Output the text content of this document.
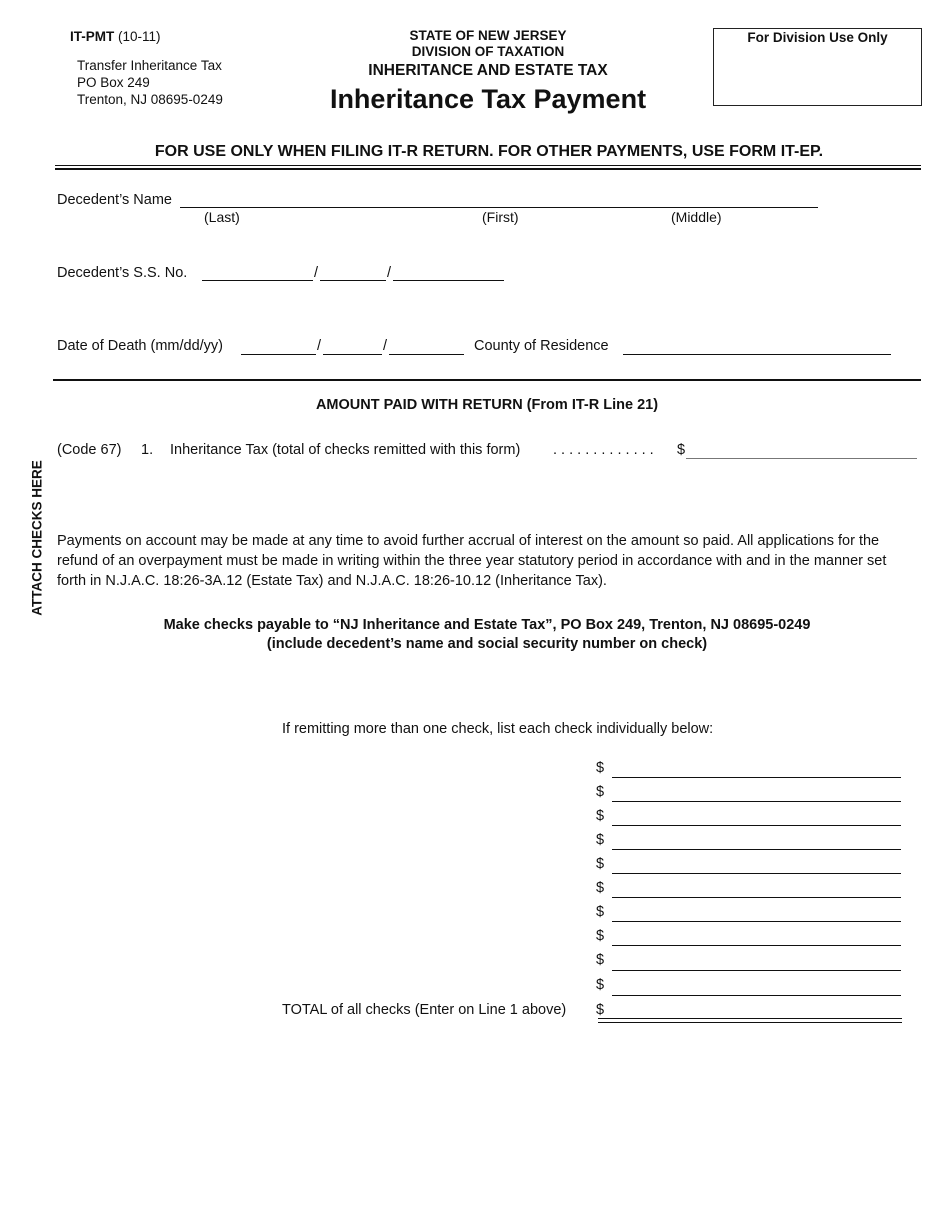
IT-PMT (10-11)
Transfer Inheritance Tax
PO Box 249
Trenton, NJ 08695-0249
STATE OF NEW JERSEY
DIVISION OF TAXATION
INHERITANCE AND ESTATE TAX
Inheritance Tax Payment
For Division Use Only
FOR USE ONLY WHEN FILING IT-R RETURN. FOR OTHER PAYMENTS, USE FORM IT-EP.
ATTACH CHECKS HERE
Decedent’s Name
(Last)	(First)	(Middle)
Decedent’s S.S. No.	/	/
Date of Death (mm/dd/yy)	/	/	County of Residence
AMOUNT PAID WITH RETURN (From IT-R Line 21)
(Code 67) 1. Inheritance Tax (total of checks remitted with this form) . . . . . . . . . . . . . $
Payments on account may be made at any time to avoid further accrual of interest on the amount so paid. All applications for the refund of an overpayment must be made in writing within the three year statutory period in accordance with and in the manner set forth in N.J.A.C. 18:26-3A.12 (Estate Tax) and N.J.A.C. 18:26-10.12 (Inheritance Tax).
Make checks payable to “NJ Inheritance and Estate Tax”, PO Box 249, Trenton, NJ 08695-0249
(include decedent’s name and social security number on check)
If remitting more than one check, list each check individually below:
$
$
$
$
$
$
$
$
$
$
TOTAL of all checks (Enter on Line 1 above) $
